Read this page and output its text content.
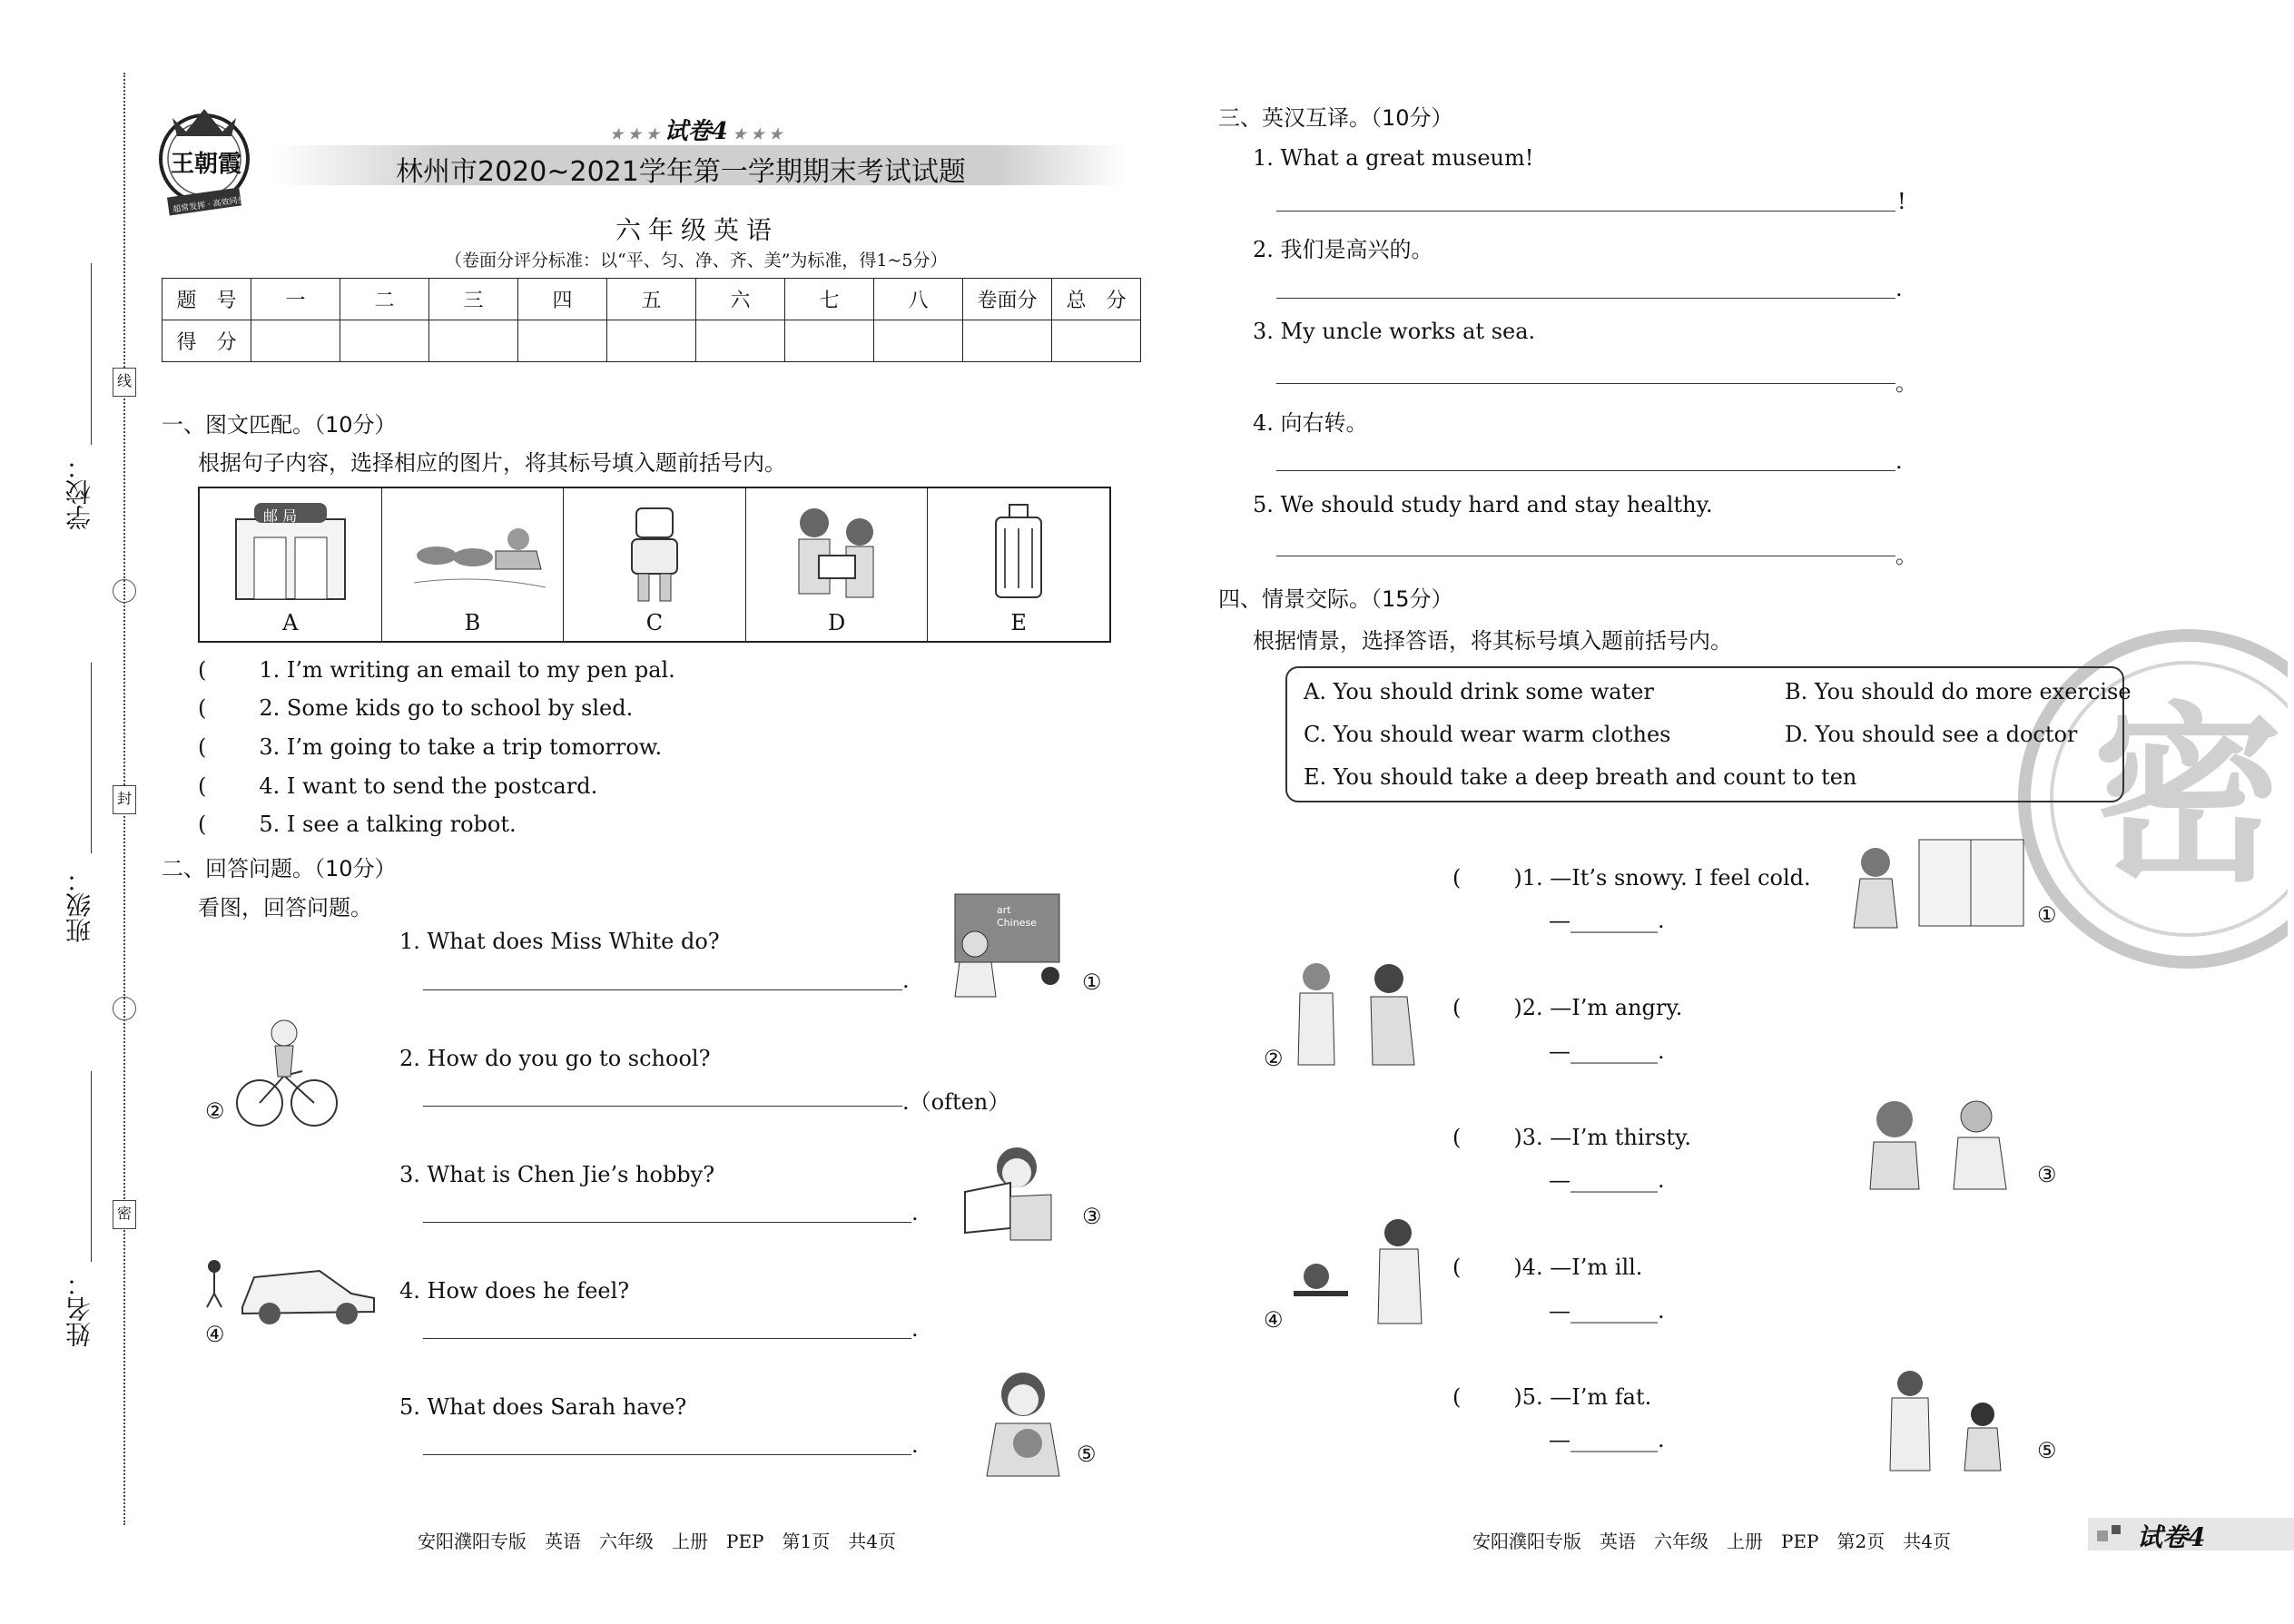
学校：
班级：
姓名：
线
封
密
王朝霞
超常发挥 · 高效同步
★ ★ ★ 试卷4 ★ ★ ★
林州市2020~2021学年第一学期期末考试试题
六年级英语
（卷面分评分标准：以“平、匀、净、齐、美”为标准，得1~5分）
题　号	一	二	三	四	五	六	七	八	卷面分	总　分
得　分										
一、图文匹配。（10分）
根据句子内容，选择相应的图片，将其标号填入题前括号内。
邮 局
A	B	C	D	E
( 1. I’m writing an email to my pen pal.
( 2. Some kids go to school by sled.
( 3. I’m going to take a trip tomorrow.
( 4. I want to send the postcard.
( 5. I see a talking robot.
二、回答问题。（10分）
看图，回答问题。
1. What does Miss White do?
.
art
Chinese
①
②
2. How do you go to school?
.（often）
3. What is Chen Jie’s hobby?
.	③
④
4. How does he feel?
.
5. What does Sarah have?
.	⑤
安阳濮阳专版　英语　六年级　上册　PEP　第1页　共4页
三、英汉互译。（10分）
1. What a great museum!
!
2. 我们是高兴的。
.
3. My uncle works at sea.
。
4. 向右转。
.
5. We should study hard and stay healthy.
。
四、情景交际。（15分）
根据情景，选择答语，将其标号填入题前括号内。
密
A. You should drink some water	B. You should do more exercise
C. You should wear warm clothes	D. You should see a doctor
E. You should take a deep breath and count to ten
( )1. —It’s snowy. I feel cold.
—________.	①
②
( )2. —I’m angry.
—________.
( )3. —I’m thirsty.
—________.	③
④
( )4. —I’m ill.
—________.
( )5. —I’m fat.
—________.	⑤
安阳濮阳专版　英语　六年级　上册　PEP　第2页　共4页	试卷4
